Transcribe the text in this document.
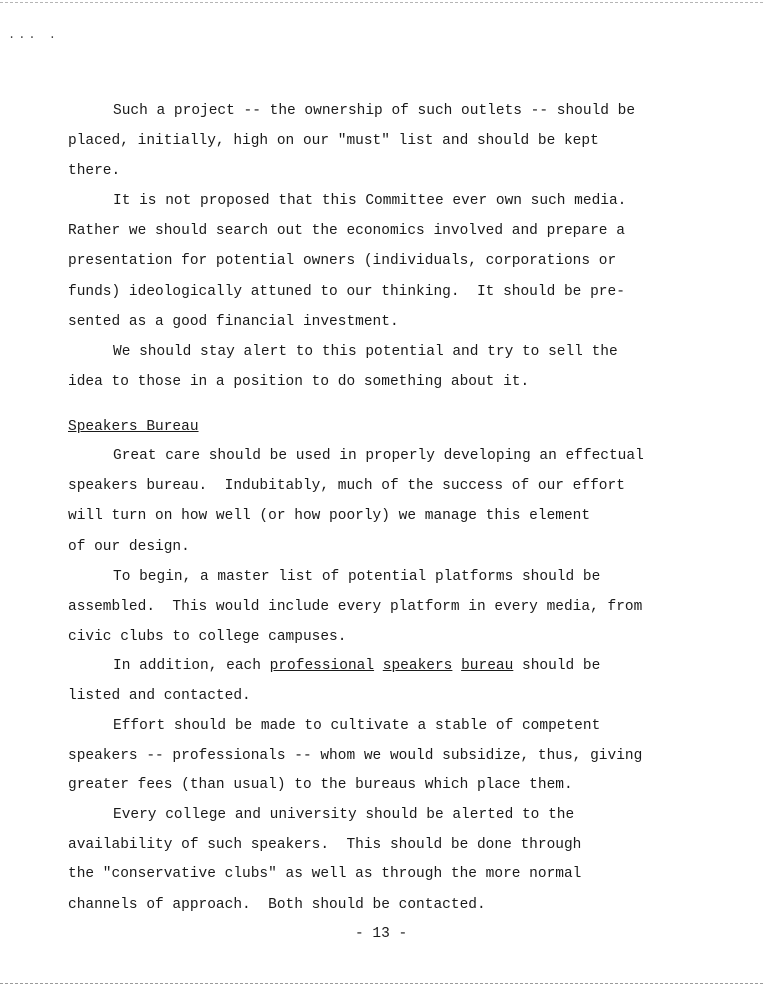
... .
Such a project -- the ownership of such outlets -- should be
placed, initially, high on our "must" list and should be kept
there.
It is not proposed that this Committee ever own such media.
Rather we should search out the economics involved and prepare a
presentation for potential owners (individuals, corporations or
funds) ideologically attuned to our thinking.  It should be pre-
sented as a good financial investment.
We should stay alert to this potential and try to sell the
idea to those in a position to do something about it.
Speakers Bureau
Great care should be used in properly developing an effectual
speakers bureau.  Indubitably, much of the success of our effort
will turn on how well (or how poorly) we manage this element
of our design.
To begin, a master list of potential platforms should be
assembled.  This would include every platform in every media, from
civic clubs to college campuses.
In addition, each professional speakers bureau should be
listed and contacted.
Effort should be made to cultivate a stable of competent
speakers -- professionals -- whom we would subsidize, thus, giving
greater fees (than usual) to the bureaus which place them.
Every college and university should be alerted to the
availability of such speakers.  This should be done through
the "conservative clubs" as well as through the more normal
channels of approach.  Both should be contacted.
- 13 -
